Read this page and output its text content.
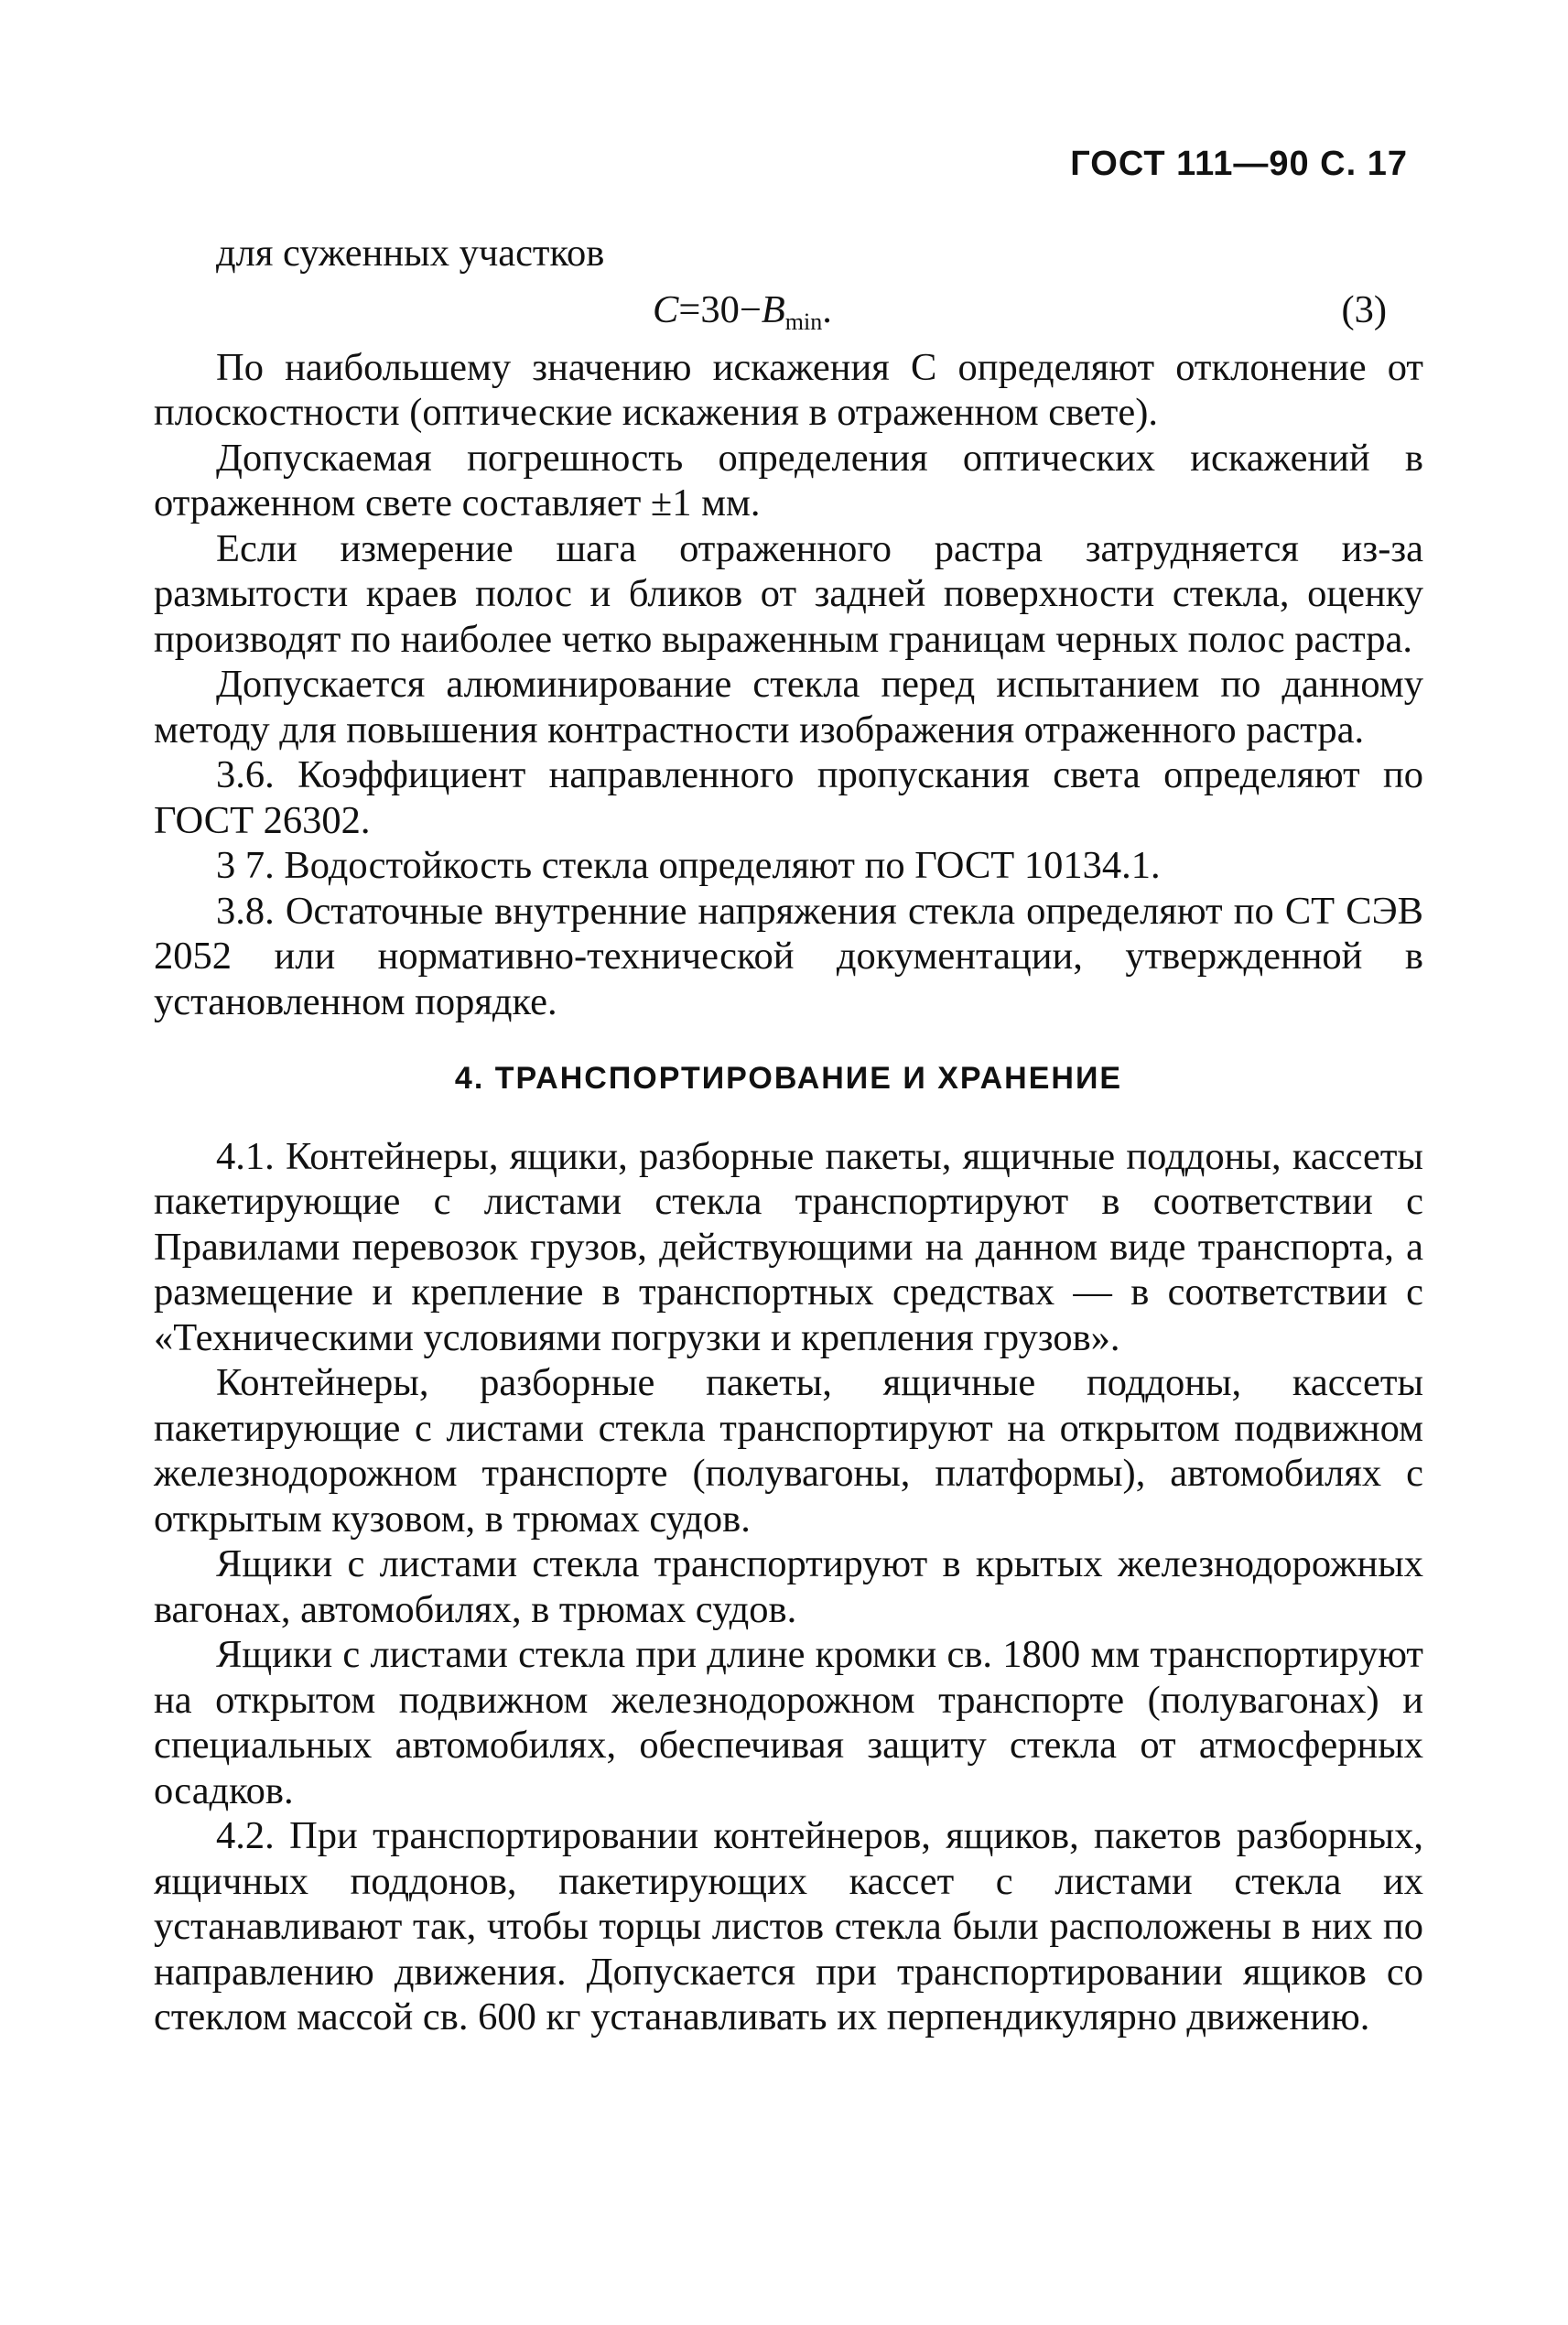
ГОСТ 111—90 С. 17

для суженных участков

$C=30-B_{min}$.	(3)

По наибольшему значению искажения С определяют отклонение от плоскостности (оптические искажения в отраженном свете).

Допускаемая погрешность определения оптических искажений в отраженном свете составляет ±1 мм.

Если измерение шага отраженного растра затрудняется из-за размытости краев полос и бликов от задней поверхности стекла, оценку производят по наиболее четко выраженным границам черных полос растра.

Допускается алюминирование стекла перед испытанием по данному методу для повышения контрастности изображения отраженного растра.

3.6. Коэффициент направленного пропускания света определяют по ГОСТ 26302.

3 7. Водостойкость стекла определяют по ГОСТ 10134.1.

3.8. Остаточные внутренние напряжения стекла определяют по СТ СЭВ 2052 или нормативно-технической документации, утвержденной в установленном порядке.

4. ТРАНСПОРТИРОВАНИЕ И ХРАНЕНИЕ

4.1. Контейнеры, ящики, разборные пакеты, ящичные поддоны, кассеты пакетирующие с листами стекла транспортируют в соответствии с Правилами перевозок грузов, действующими на данном виде транспорта, а размещение и крепление в транспортных средствах — в соответствии с «Техническими условиями погрузки и крепления грузов».

Контейнеры, разборные пакеты, ящичные поддоны, кассеты пакетирующие с листами стекла транспортируют на открытом подвижном железнодорожном транспорте (полувагоны, платформы), автомобилях с открытым кузовом, в трюмах судов.

Ящики с листами стекла транспортируют в крытых железнодорожных вагонах, автомобилях, в трюмах судов.

Ящики с листами стекла при длине кромки св. 1800 мм транспортируют на открытом подвижном железнодорожном транспорте (полувагонах) и специальных автомобилях, обеспечивая защиту стекла от атмосферных осадков.

4.2. При транспортировании контейнеров, ящиков, пакетов разборных, ящичных поддонов, пакетирующих кассет с листами стекла их устанавливают так, чтобы торцы листов стекла были расположены в них по направлению движения. Допускается при транспортировании ящиков со стеклом массой св. 600 кг устанавливать их перпендикулярно движению.
